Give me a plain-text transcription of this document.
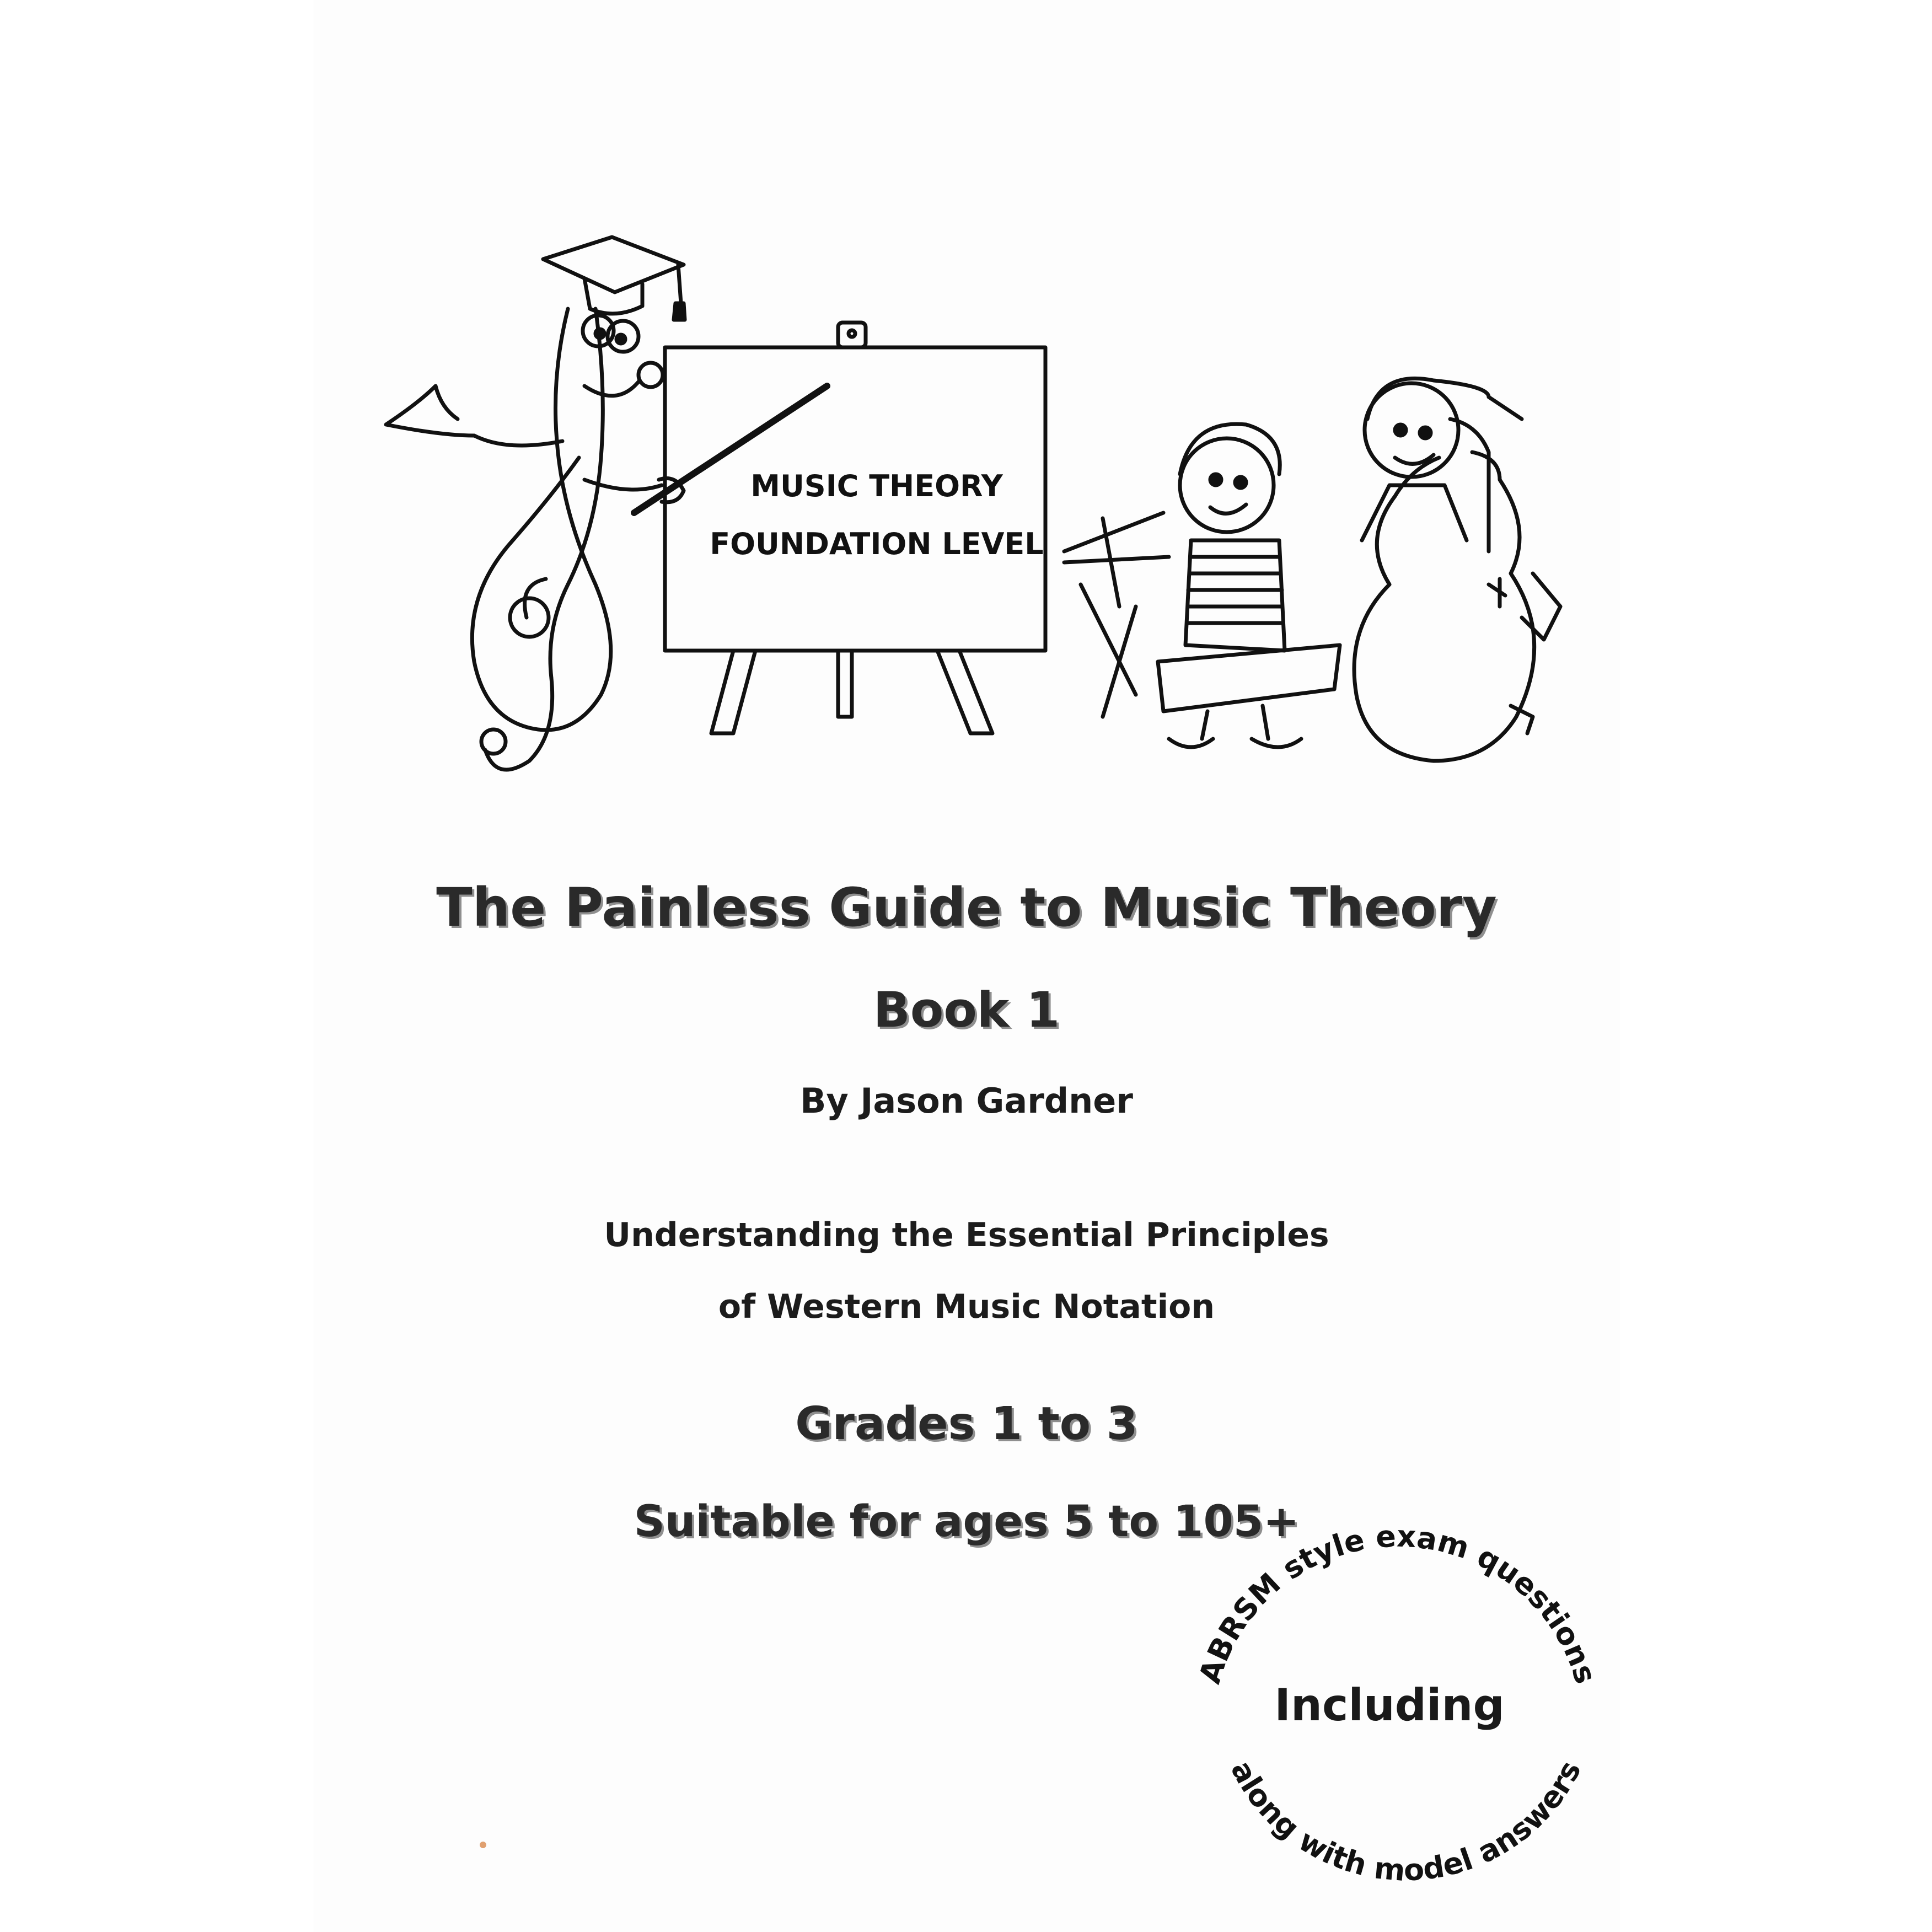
MUSIC THEORY
FOUNDATION LEVEL
The Painless Guide to Music Theory
Book 1
By Jason Gardner
Understanding the Essential Principles
of Western Music Notation
Grades 1 to 3
Suitable for ages 5 to 105+
ABRSM style exam questions
along with model answers
Including
